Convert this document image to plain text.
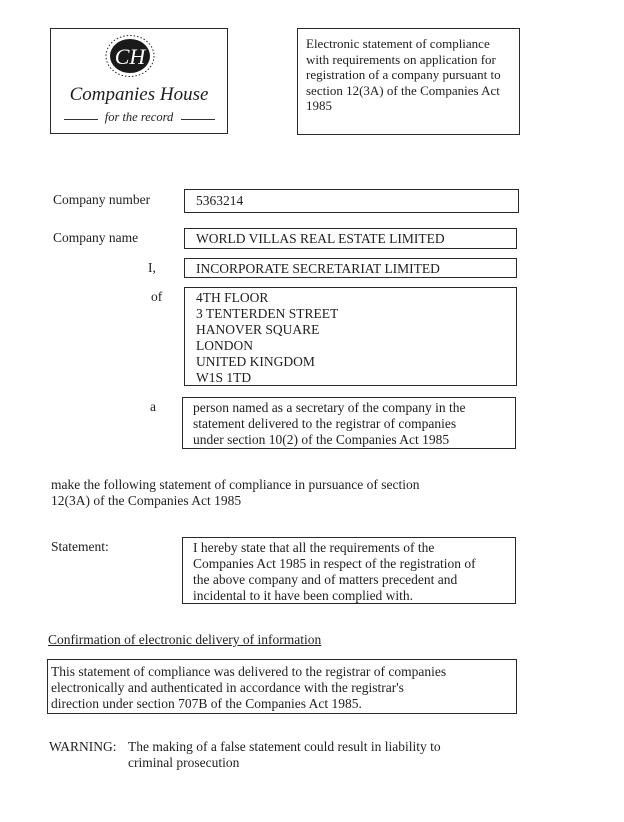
CH
Companies House
for the record
Electronic statement of compliance with requirements on application for registration of a company pursuant to section 12(3A) of the Companies Act 1985
Company number	5363214
Company name	WORLD VILLAS REAL ESTATE LIMITED
I,	INCORPORATE SECRETARIAT LIMITED
of	4TH FLOOR
3 TENTERDEN STREET
HANOVER SQUARE
LONDON
UNITED KINGDOM
W1S 1TD
a	person named as a secretary of the company in the
statement delivered to the registrar of companies
under section 10(2) of the Companies Act 1985
make the following statement of compliance in pursuance of section
12(3A) of the Companies Act 1985
Statement:	I hereby state that all the requirements of the
Companies Act 1985 in respect of the registration of
the above company and of matters precedent and
incidental to it have been complied with.
Confirmation of electronic delivery of information
This statement of compliance was delivered to the registrar of companies
electronically and authenticated in accordance with the registrar's
direction under section 707B of the Companies Act 1985.
WARNING: The making of a false statement could result in liability to
criminal prosecution
